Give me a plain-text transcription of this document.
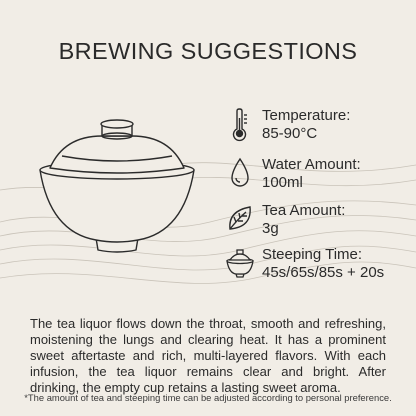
BREWING SUGGESTIONS
Temperature:
85-90°C
Water Amount:
100ml
Tea Amount:
3g
Steeping Time:
45s/65s/85s + 20s

The tea liquor flows down the throat, smooth and refreshing, moistening the lungs and clearing heat. It has a prominent sweet aftertaste and rich, multi-layered flavors. With each infusion, the tea liquor remains clear and bright. After drinking, the empty cup retains a lasting sweet aroma.

*The amount of tea and steeping time can be adjusted according to personal preference.
